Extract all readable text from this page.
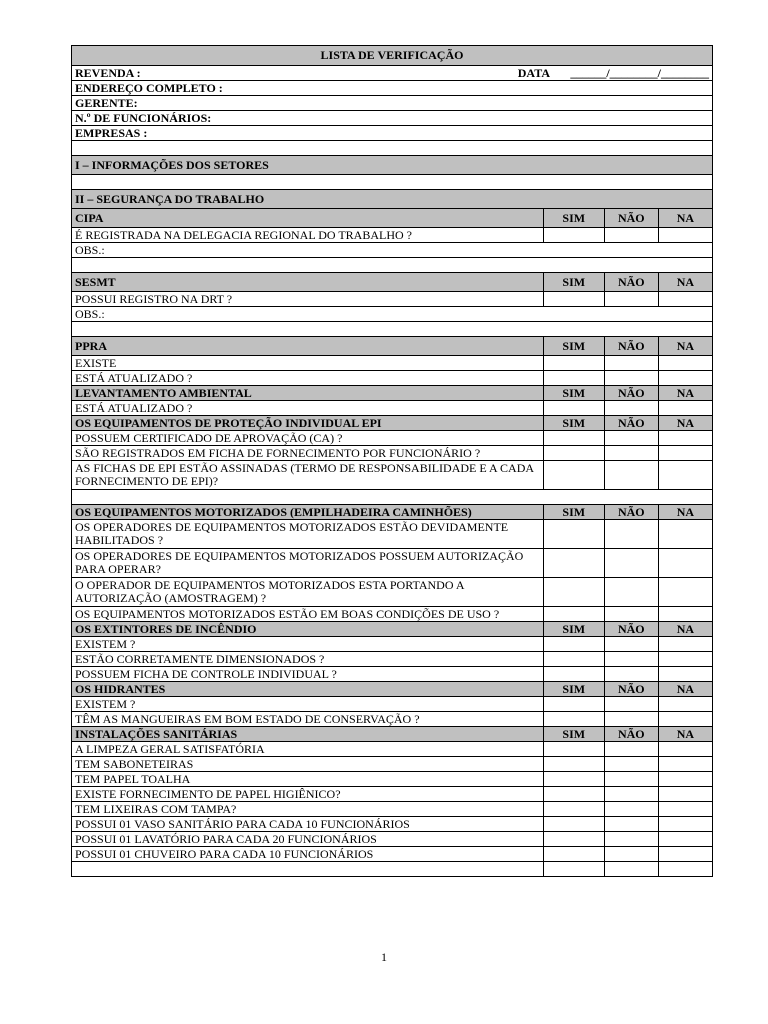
LISTA DE VERIFICAÇÃO			
REVENDA : DATA ______/________/________			

ENDEREÇO COMPLETO :			
GERENTE:			
N.º DE FUNCIONÁRIOS:			
EMPRESAS :			

I – INFORMAÇÕES DOS SETORES			

II – SEGURANÇA DO TRABALHO			
CIPA	SIM	NÃO	NA
É REGISTRADA NA DELEGACIA REGIONAL DO TRABALHO ?			
OBS.:			

SESMT	SIM	NÃO	NA
POSSUI REGISTRO NA DRT ?			
OBS.:			

PPRA	SIM	NÃO	NA
EXISTE			
ESTÁ ATUALIZADO ?			
LEVANTAMENTO AMBIENTAL	SIM	NÃO	NA
ESTÁ ATUALIZADO ?			
OS EQUIPAMENTOS DE PROTEÇÃO INDIVIDUAL EPI	SIM	NÃO	NA
POSSUEM CERTIFICADO DE APROVAÇÃO (CA) ?			
SÃO REGISTRADOS EM FICHA DE FORNECIMENTO POR FUNCIONÁRIO ?			
AS FICHAS DE EPI ESTÃO ASSINADAS (TERMO DE RESPONSABILIDADE E A CADA FORNECIMENTO DE EPI)?			

OS EQUIPAMENTOS MOTORIZADOS (EMPILHADEIRA CAMINHÕES)	SIM	NÃO	NA
OS OPERADORES DE EQUIPAMENTOS MOTORIZADOS ESTÃO DEVIDAMENTE HABILITADOS ?			
OS OPERADORES DE EQUIPAMENTOS MOTORIZADOS POSSUEM AUTORIZAÇÃO PARA OPERAR?			
O OPERADOR DE EQUIPAMENTOS MOTORIZADOS ESTA PORTANDO A AUTORIZAÇÃO (AMOSTRAGEM) ?			
OS EQUIPAMENTOS MOTORIZADOS ESTÃO EM BOAS CONDIÇÕES DE USO ?			
OS EXTINTORES DE INCÊNDIO	SIM	NÃO	NA
EXISTEM ?			
ESTÃO CORRETAMENTE DIMENSIONADOS ?			
POSSUEM FICHA DE CONTROLE INDIVIDUAL ?			
OS HIDRANTES	SIM	NÃO	NA
EXISTEM ?			
TÊM AS MANGUEIRAS EM BOM ESTADO DE CONSERVAÇÃO ?			
INSTALAÇÕES SANITÁRIAS	SIM	NÃO	NA
A LIMPEZA GERAL SATISFATÓRIA			
TEM SABONETEIRAS			
TEM PAPEL TOALHA			
EXISTE FORNECIMENTO DE PAPEL HIGIÊNICO?			
TEM LIXEIRAS COM TAMPA?			
POSSUI 01 VASO SANITÁRIO PARA CADA 10 FUNCIONÁRIOS			
POSSUI 01 LAVATÓRIO PARA CADA 20 FUNCIONÁRIOS			
POSSUI 01 CHUVEIRO PARA CADA 10 FUNCIONÁRIOS			

1
